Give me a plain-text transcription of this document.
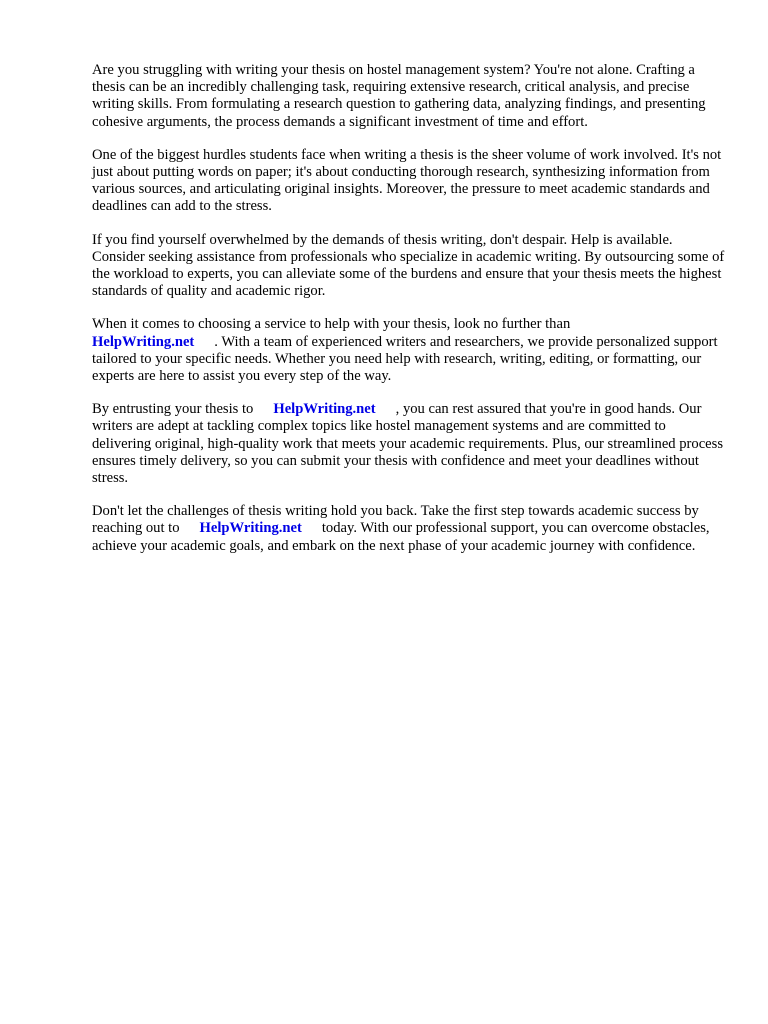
Are you struggling with writing your thesis on hostel management system? You're not alone. Crafting a thesis can be an incredibly challenging task, requiring extensive research, critical analysis, and precise writing skills. From formulating a research question to gathering data, analyzing findings, and presenting cohesive arguments, the process demands a significant investment of time and effort.

One of the biggest hurdles students face when writing a thesis is the sheer volume of work involved. It's not just about putting words on paper; it's about conducting thorough research, synthesizing information from various sources, and articulating original insights. Moreover, the pressure to meet academic standards and deadlines can add to the stress.

If you find yourself overwhelmed by the demands of thesis writing, don't despair. Help is available. Consider seeking assistance from professionals who specialize in academic writing. By outsourcing some of the workload to experts, you can alleviate some of the burdens and ensure that your thesis meets the highest standards of quality and academic rigor.

When it comes to choosing a service to help with your thesis, look no further than
HelpWriting.net . With a team of experienced writers and researchers, we provide personalized support tailored to your specific needs. Whether you need help with research, writing, editing, or formatting, our experts are here to assist you every step of the way.

By entrusting your thesis to HelpWriting.net , you can rest assured that you're in good hands. Our writers are adept at tackling complex topics like hostel management systems and are committed to delivering original, high-quality work that meets your academic requirements. Plus, our streamlined process ensures timely delivery, so you can submit your thesis with confidence and meet your deadlines without stress.

Don't let the challenges of thesis writing hold you back. Take the first step towards academic success by reaching out to HelpWriting.net today. With our professional support, you can overcome obstacles, achieve your academic goals, and embark on the next phase of your academic journey with confidence.
